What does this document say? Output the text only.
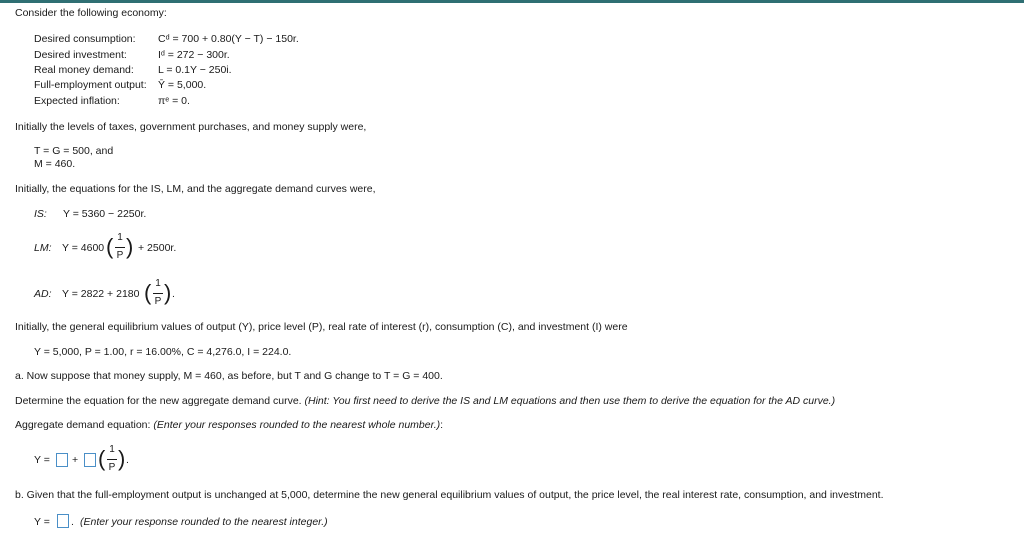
Consider the following economy:
Desired consumption: Cᵈ = 700 + 0.80(Y − T) − 150r.
Desired investment:	Iᵈ = 272 − 300r.
Real money demand: L = 0.1Y − 250i.
Full-employment output: Ȳ = 5,000.
Expected inflation:	πᵉ = 0.
Initially the levels of taxes, government purchases, and money supply were,
T = G = 500, and
M = 460.
Initially, the equations for the IS, LM, and the aggregate demand curves were,
IS: Y = 5360 − 2250r.
LM: Y = 4600 ( 1
P ) + 2500r.
AD: Y = 2822 + 2180 ( 1
P ) .
Initially, the general equilibrium values of output (Y), price level (P), real rate of interest (r), consumption (C), and investment (I) were
Y = 5,000, P = 1.00, r = 16.00%, C = 4,276.0, I = 224.0.
a. Now suppose that money supply, M = 460, as before, but T and G change to T = G = 400.
Determine the equation for the new aggregate demand curve. (Hint: You first need to derive the IS and LM equations and then use them to derive the equation for the AD curve.)
Aggregate demand equation: (Enter your responses rounded to the nearest whole number.):
Y = + ( 1
P ) .
b. Given that the full-employment output is unchanged at 5,000, determine the new general equilibrium values of output, the price level, the real interest rate, consumption, and investment.
Y = . (Enter your response rounded to the nearest integer.)
